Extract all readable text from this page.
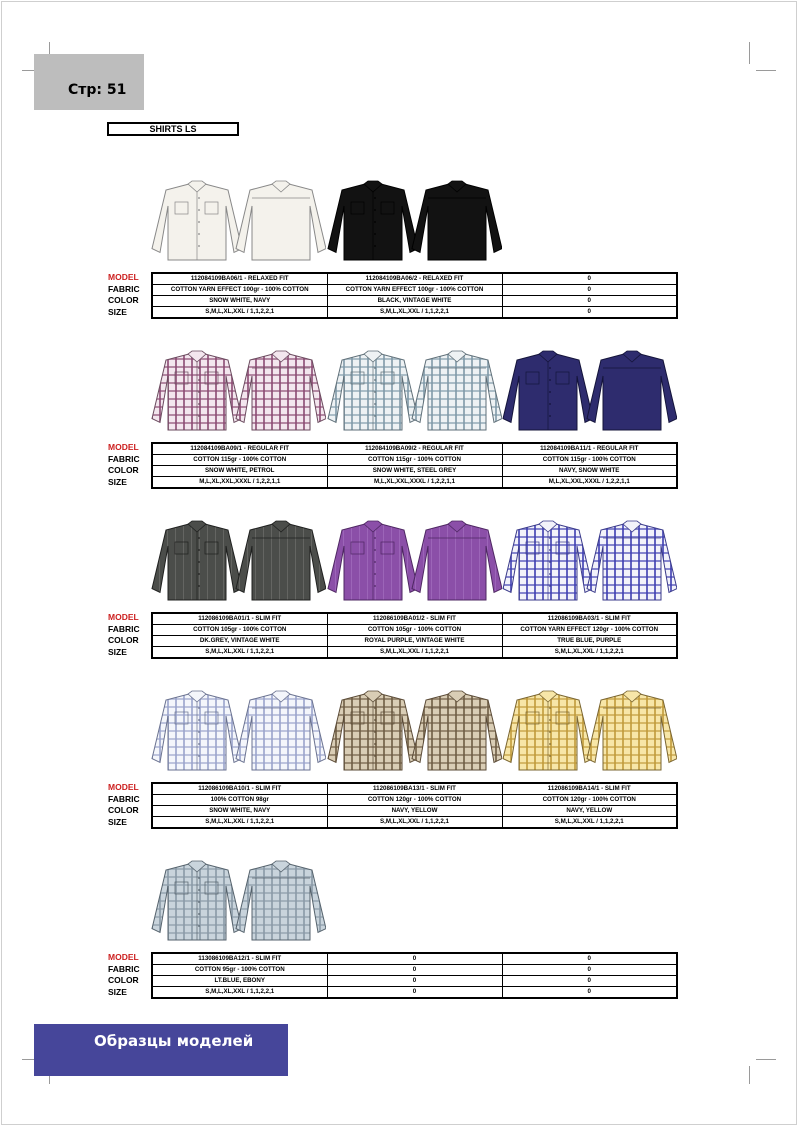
Стр: 51
SHIRTS LS
MODEL
FABRIC
COLOR
SIZE
112084109BA06/1 - RELAXED FIT	112084109BA06/2 - RELAXED FIT	0
COTTON YARN EFFECT 100gr - 100% COTTON	COTTON YARN EFFECT 100gr - 100% COTTON	0
SNOW WHITE, NAVY	BLACK, VINTAGE WHITE	0
S,M,L,XL,XXL / 1,1,2,2,1	S,M,L,XL,XXL / 1,1,2,2,1	0
MODEL
FABRIC
COLOR
SIZE
112084109BA09/1 - REGULAR FIT	112084109BA09/2 - REGULAR FIT	112084109BA11/1 - REGULAR FIT
COTTON 115gr - 100% COTTON	COTTON 115gr - 100% COTTON	COTTON 115gr - 100% COTTON
SNOW WHITE, PETROL	SNOW WHITE, STEEL GREY	NAVY, SNOW WHITE
M,L,XL,XXL,XXXL / 1,2,2,1,1	M,L,XL,XXL,XXXL / 1,2,2,1,1	M,L,XL,XXL,XXXL / 1,2,2,1,1
MODEL
FABRIC
COLOR
SIZE
112086109BA01/1 - SLIM FIT	112086109BA01/2 - SLIM FIT	112086109BA03/1 - SLIM FIT
COTTON 105gr - 100% COTTON	COTTON 105gr - 100% COTTON	COTTON YARN EFFECT 120gr - 100% COTTON
DK.GREY, VINTAGE WHITE	ROYAL PURPLE, VINTAGE WHITE	TRUE BLUE, PURPLE
S,M,L,XL,XXL / 1,1,2,2,1	S,M,L,XL,XXL / 1,1,2,2,1	S,M,L,XL,XXL / 1,1,2,2,1
MODEL
FABRIC
COLOR
SIZE
112086109BA10/1 - SLIM FIT	112086109BA13/1 - SLIM FIT	112086109BA14/1 - SLIM FIT
100% COTTON 98gr	COTTON 120gr - 100% COTTON	COTTON 120gr - 100% COTTON
SNOW WHITE, NAVY	NAVY, YELLOW	NAVY, YELLOW
S,M,L,XL,XXL / 1,1,2,2,1	S,M,L,XL,XXL / 1,1,2,2,1	S,M,L,XL,XXL / 1,1,2,2,1
MODEL
FABRIC
COLOR
SIZE
113086109BA12/1 - SLIM FIT	0	0
COTTON 95gr - 100% COTTON	0	0
LT.BLUE, EBONY	0	0
S,M,L,XL,XXL / 1,1,2,2,1	0	0
Образцы моделей
